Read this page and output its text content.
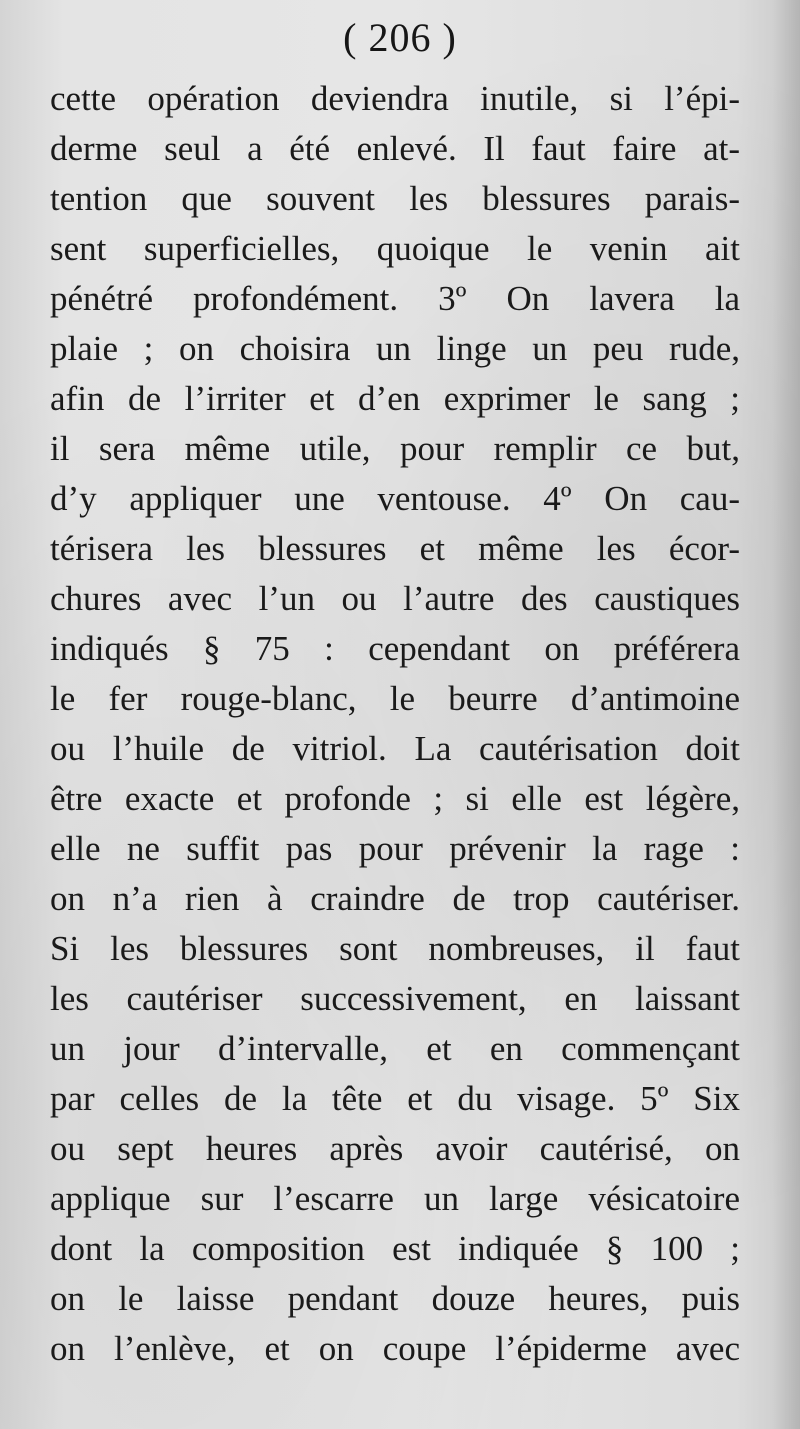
( 206 )
cette opération deviendra inutile, si l’épi-
derme seul a été enlevé. Il faut faire at-
tention que souvent les blessures parais-
sent superficielles, quoique le venin ait
pénétré profondément. 3º On lavera la
plaie ; on choisira un linge un peu rude,
afin de l’irriter et d’en exprimer le sang ;
il sera même utile, pour remplir ce but,
d’y appliquer une ventouse. 4º On cau-
térisera les blessures et même les écor-
chures avec l’un ou l’autre des caustiques
indiqués § 75 : cependant on préférera
le fer rouge-blanc, le beurre d’antimoine
ou l’huile de vitriol. La cautérisation doit
être exacte et profonde ; si elle est légère,
elle ne suffit pas pour prévenir la rage :
on n’a rien à craindre de trop cautériser.
Si les blessures sont nombreuses, il faut
les cautériser successivement, en laissant
un jour d’intervalle, et en commençant
par celles de la tête et du visage. 5º Six
ou sept heures après avoir cautérisé, on
applique sur l’escarre un large vésicatoire
dont la composition est indiquée § 100 ;
on le laisse pendant douze heures, puis
on l’enlève, et on coupe l’épiderme avec
